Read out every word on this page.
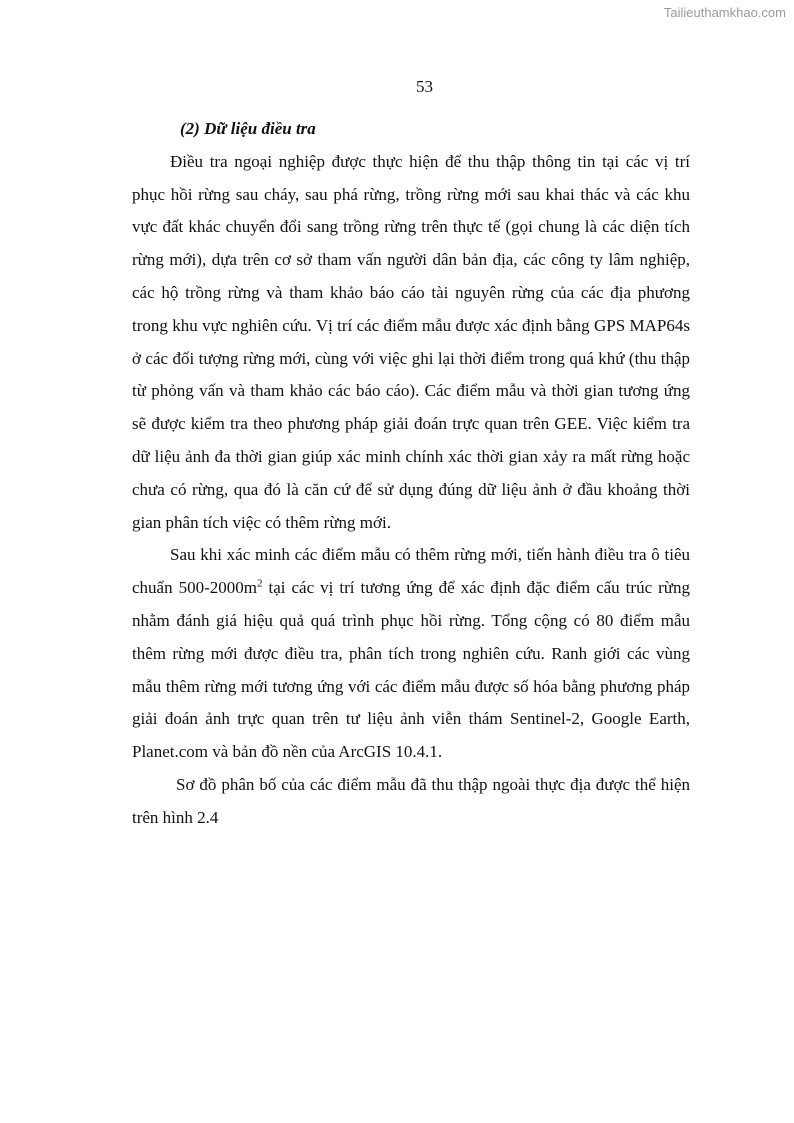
Tailieuthamkhao.com
53

(2) Dữ liệu điều tra

Điều tra ngoại nghiệp được thực hiện để thu thập thông tin tại các vị trí phục hồi rừng sau cháy, sau phá rừng, trồng rừng mới sau khai thác và các khu vực đất khác chuyển đổi sang trồng rừng trên thực tế (gọi chung là các diện tích rừng mới), dựa trên cơ sở tham vấn người dân bản địa, các công ty lâm nghiệp, các hộ trồng rừng và tham khảo báo cáo tài nguyên rừng của các địa phương trong khu vực nghiên cứu. Vị trí các điểm mẫu được xác định bằng GPS MAP64s ở các đối tượng rừng mới, cùng với việc ghi lại thời điểm trong quá khứ (thu thập từ phỏng vấn và tham khảo các báo cáo). Các điểm mẫu và thời gian tương ứng sẽ được kiểm tra theo phương pháp giải đoán trực quan trên GEE. Việc kiểm tra dữ liệu ảnh đa thời gian giúp xác minh chính xác thời gian xảy ra mất rừng hoặc chưa có rừng, qua đó là căn cứ để sử dụng đúng dữ liệu ảnh ở đầu khoảng thời gian phân tích việc có thêm rừng mới.

Sau khi xác minh các điểm mẫu có thêm rừng mới, tiến hành điều tra ô tiêu chuẩn $500-2000m^2$ tại các vị trí tương ứng để xác định đặc điểm cấu trúc rừng nhằm đánh giá hiệu quả quá trình phục hồi rừng. Tổng cộng có 80 điểm mẫu thêm rừng mới được điều tra, phân tích trong nghiên cứu. Ranh giới các vùng mẫu thêm rừng mới tương ứng với các điểm mẫu được số hóa bằng phương pháp giải đoán ảnh trực quan trên tư liệu ảnh viễn thám Sentinel-2, Google Earth, Planet.com và bản đồ nền của ArcGIS 10.4.1.

Sơ đồ phân bố của các điểm mẫu đã thu thập ngoài thực địa được thể hiện trên hình 2.4
